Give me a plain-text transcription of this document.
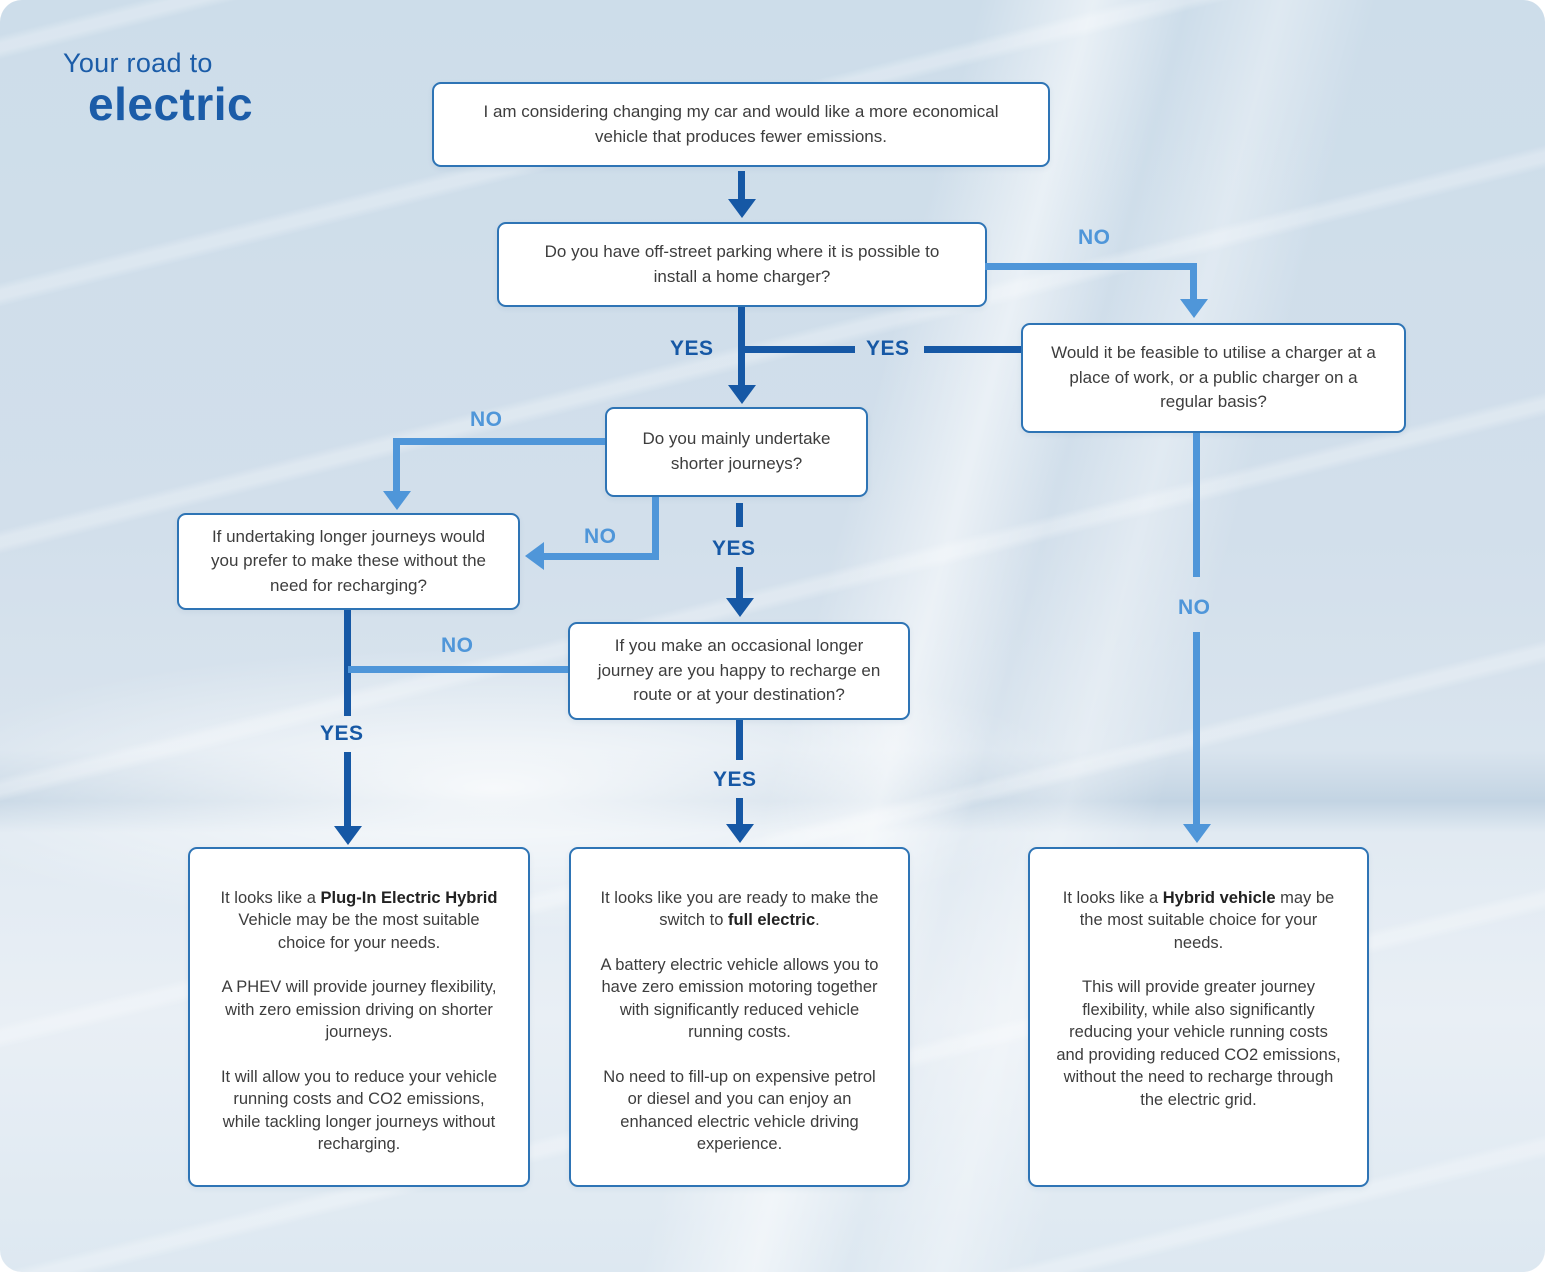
Your road to
electric	I am considering changing my car and would like a more economical vehicle that produces fewer emissions.
Do you have off-street parking where it is possible to install a home charger?
Would it be feasible to utilise a charger at a place of work, or a public charger on a regular basis?
Do you mainly undertake shorter journeys?
If undertaking longer journeys would you prefer to make these without the need for recharging?
If you make an occasional longer journey are you happy to recharge en route or at your destination?
NO
YES	YES
NO
NO
YES
YES
NO
YES
NO

It looks like a Plug-In Electric Hybrid Vehicle may be the most suitable choice for your needs.

A PHEV will provide journey flexibility, with zero emission driving on shorter journeys.

It will allow you to reduce your vehicle running costs and CO2 emissions, while tackling longer journeys without recharging.

It looks like you are ready to make the switch to full electric.

A battery electric vehicle allows you to have zero emission motoring together with significantly reduced vehicle running costs.

No need to fill-up on expensive petrol or diesel and you can enjoy an enhanced electric vehicle driving experience.

It looks like a Hybrid vehicle may be the most suitable choice for your needs.

This will provide greater journey flexibility, while also significantly reducing your vehicle running costs and providing reduced CO2 emissions, without the need to recharge through the electric grid.
